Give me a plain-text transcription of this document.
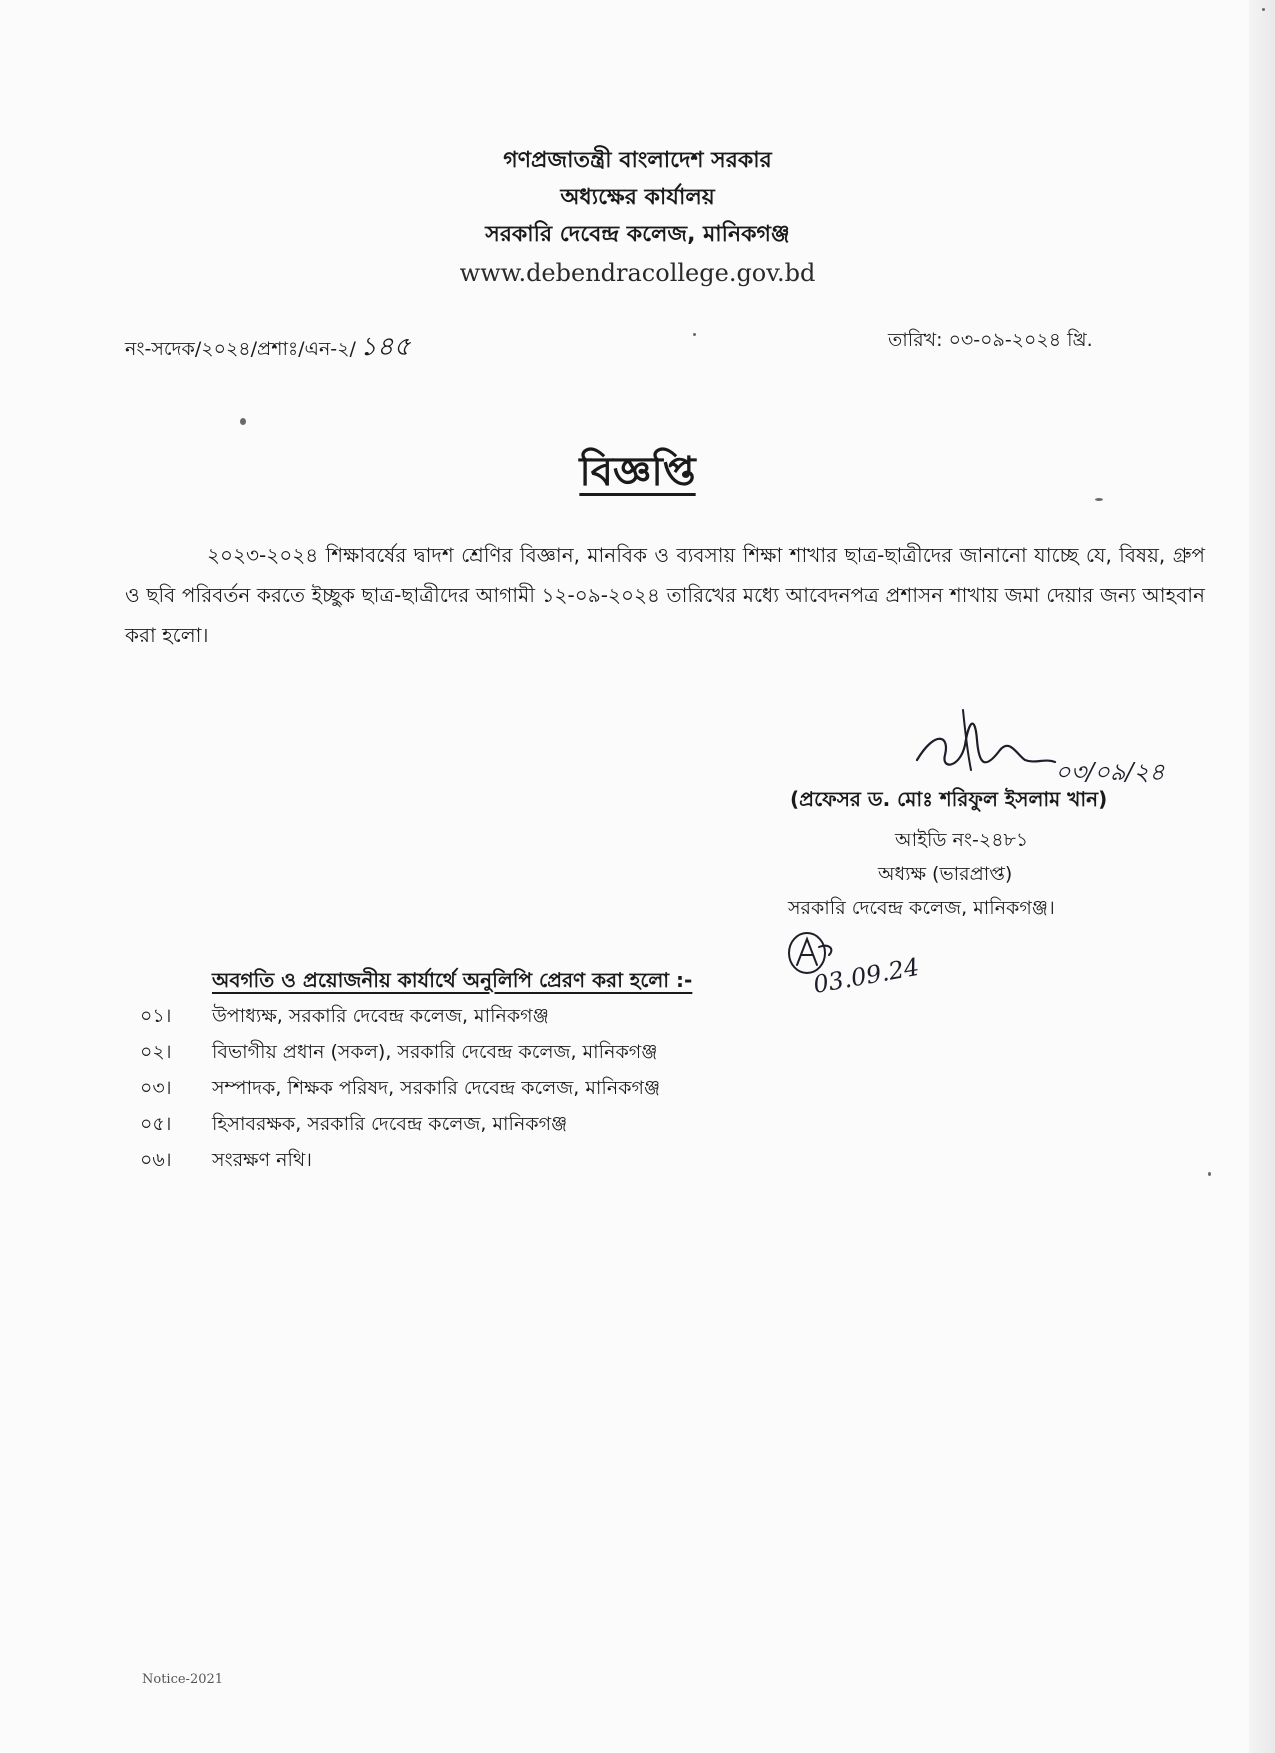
গণপ্রজাতন্ত্রী বাংলাদেশ সরকার
অধ্যক্ষের কার্যালয়
সরকারি দেবেন্দ্র কলেজ, মানিকগঞ্জ
www.debendracollege.gov.bd
নং-সদেক/২০২৪/প্রশাঃ/এন-২/ ১৪৫	তারিখ: ০৩-০৯-২০২৪ খ্রি.
বিজ্ঞপ্তি
২০২৩-২০২৪ শিক্ষাবর্ষের দ্বাদশ শ্রেণির বিজ্ঞান, মানবিক ও ব্যবসায় শিক্ষা শাখার ছাত্র-ছাত্রীদের জানানো যাচ্ছে যে, বিষয়, গ্রুপ ও ছবি পরিবর্তন করতে ইচ্ছুক ছাত্র-ছাত্রীদের আগামী ১২-০৯-২০২৪ তারিখের মধ্যে আবেদনপত্র প্রশাসন শাখায় জমা দেয়ার জন্য আহবান করা হলো।
০৩/০৯/২৪
(প্রফেসর ড. মোঃ শরিফুল ইসলাম খান)
আইডি নং-২৪৮১
অধ্যক্ষ (ভারপ্রাপ্ত)
সরকারি দেবেন্দ্র কলেজ, মানিকগঞ্জ।
03.09.24
অবগতি ও প্রয়োজনীয় কার্যার্থে অনুলিপি প্রেরণ করা হলো :-
০১।	উপাধ্যক্ষ, সরকারি দেবেন্দ্র কলেজ, মানিকগঞ্জ
০২।	বিভাগীয় প্রধান (সকল), সরকারি দেবেন্দ্র কলেজ, মানিকগঞ্জ
০৩।	সম্পাদক, শিক্ষক পরিষদ, সরকারি দেবেন্দ্র কলেজ, মানিকগঞ্জ
০৫।	হিসাবরক্ষক, সরকারি দেবেন্দ্র কলেজ, মানিকগঞ্জ
০৬।	সংরক্ষণ নথি।
Notice-2021
